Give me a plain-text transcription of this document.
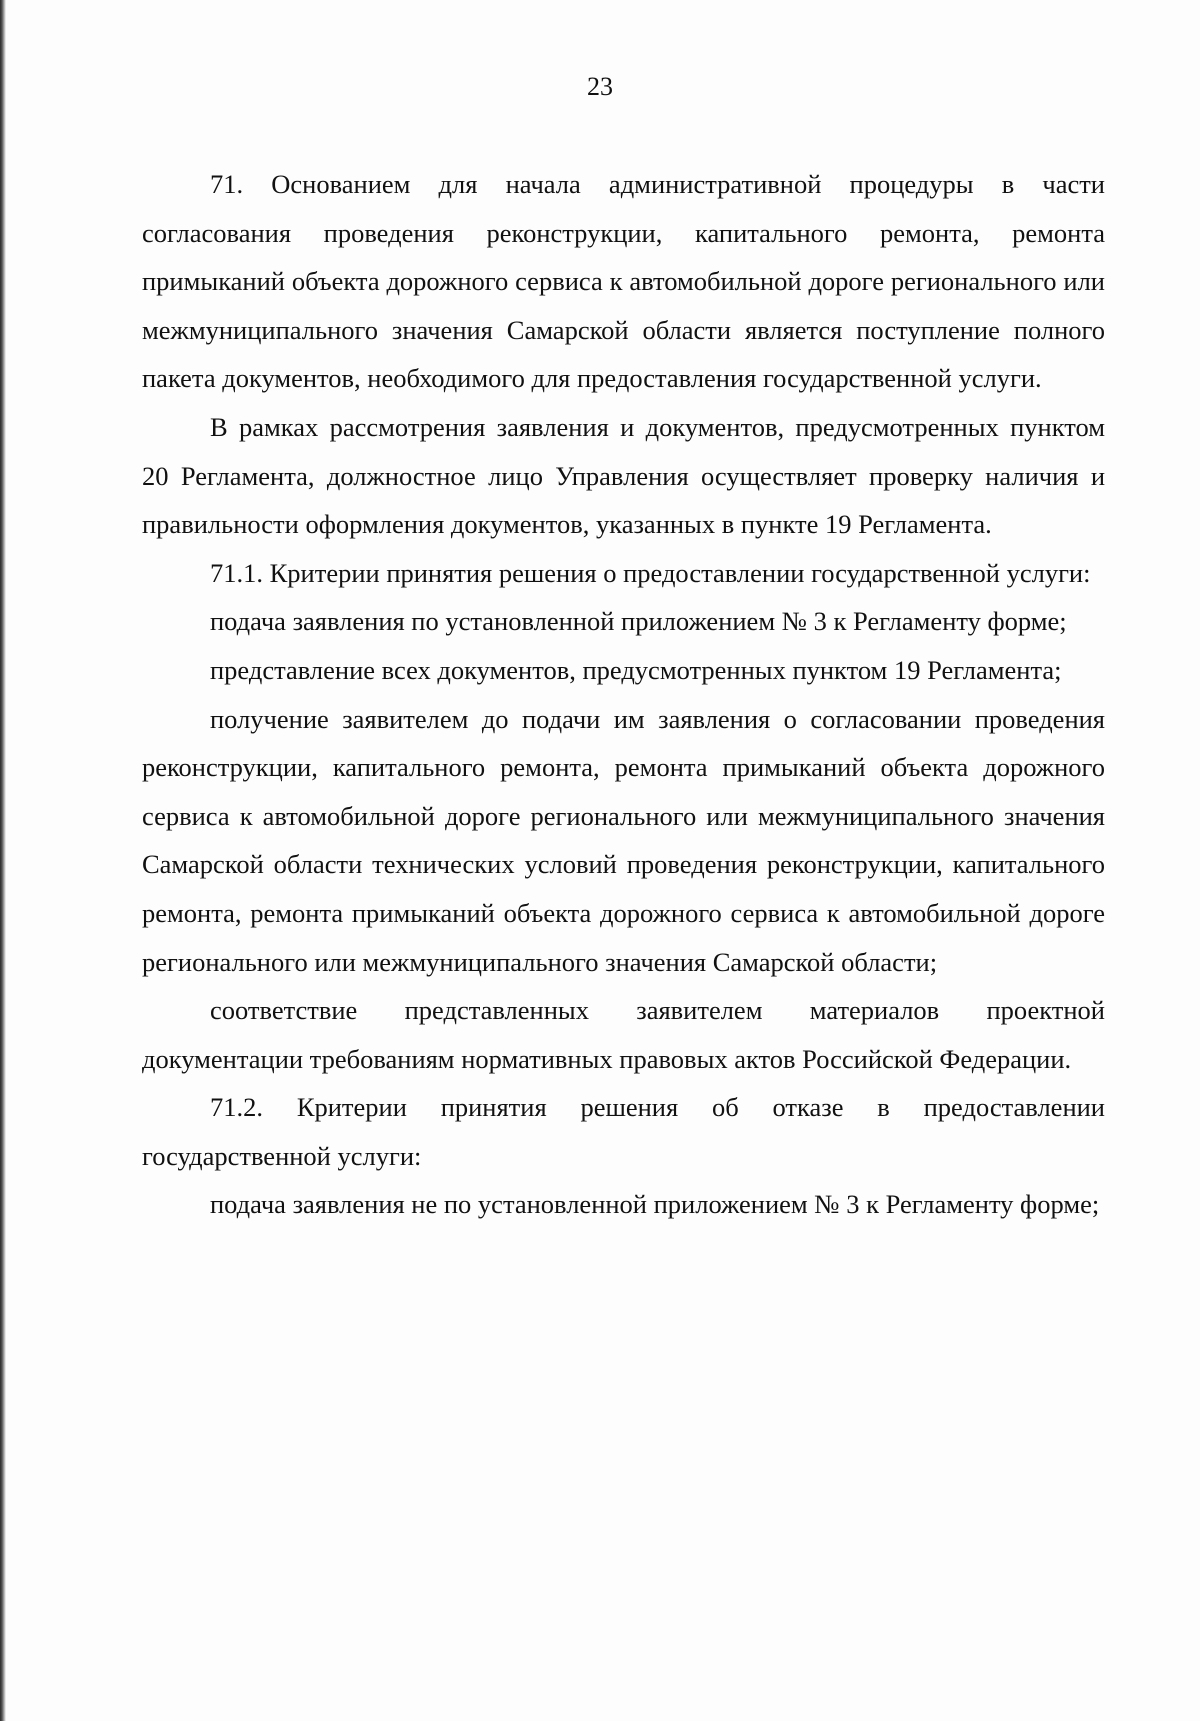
23

71. Основанием для начала административной процедуры в части согласования проведения реконструкции, капитального ремонта, ремонта примыканий объекта дорожного сервиса к автомобильной дороге регионального или межмуниципального значения Самарской области является поступление полного пакета документов, необходимого для предоставления государственной услуги.

В рамках рассмотрения заявления и документов, предусмотренных пунктом 20 Регламента, должностное лицо Управления осуществляет проверку наличия и правильности оформления документов, указанных в пункте 19 Регламента.

71.1. Критерии принятия решения о предоставлении государственной услуги:

подача заявления по установленной приложением № 3 к Регламенту форме;

представление всех документов, предусмотренных пунктом 19 Регламента;

получение заявителем до подачи им заявления о согласовании проведения реконструкции, капитального ремонта, ремонта примыканий объекта дорожного сервиса к автомобильной дороге регионального или межмуниципального значения Самарской области технических условий проведения реконструкции, капитального ремонта, ремонта примыканий объекта дорожного сервиса к автомобильной дороге регионального или межмуниципального значения Самарской области;

соответствие представленных заявителем материалов проектной документации требованиям нормативных правовых актов Российской Федерации.

71.2. Критерии принятия решения об отказе в предоставлении государственной услуги:

подача заявления не по установленной приложением № 3 к Регламенту форме;
